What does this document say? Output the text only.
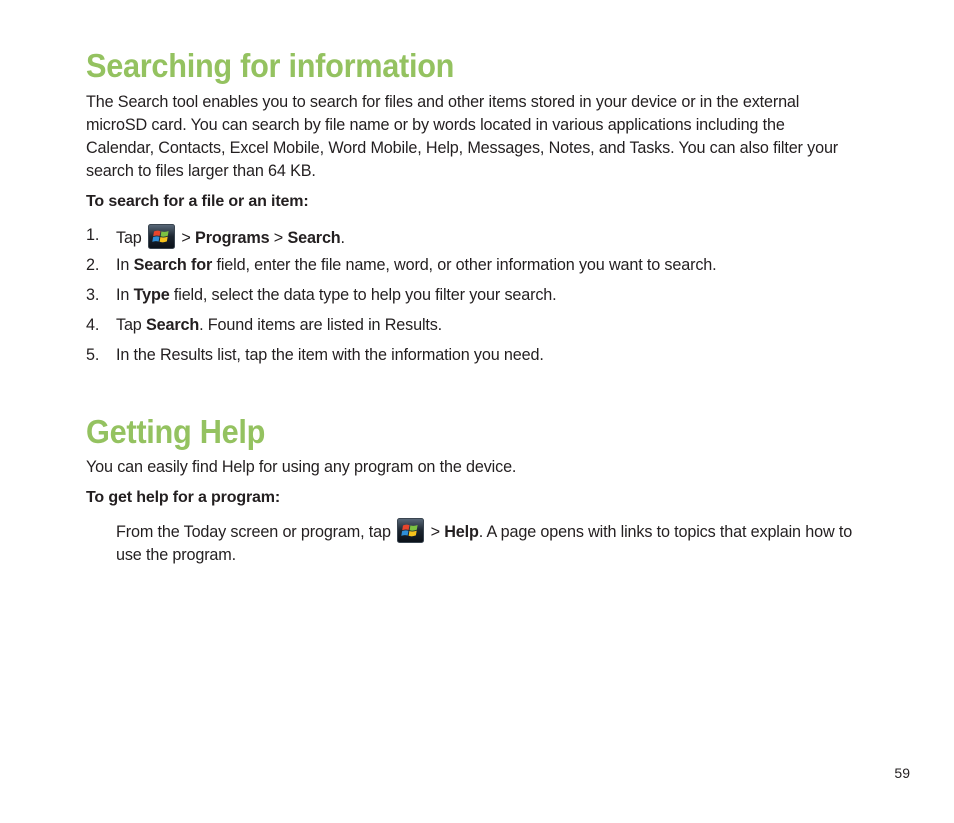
Searching for information

The Search tool enables you to search for files and other items stored in your device or in the external microSD card. You can search by file name or by words located in various applications including the Calendar, Contacts, Excel Mobile, Word Mobile, Help, Messages, Notes, and Tasks. You can also filter your search to files larger than 64 KB.

To search for a file or an item:

1. Tap > Programs > Search.
2. In Search for field, enter the file name, word, or other information you want to search.
3. In Type field, select the data type to help you filter your search.
4. Tap Search. Found items are listed in Results.
5. In the Results list, tap the item with the information you need.
Getting Help

You can easily find Help for using any program on the device.

To get help for a program:

From the Today screen or program, tap > Help. A page opens with links to topics that explain how to use the program.

59
